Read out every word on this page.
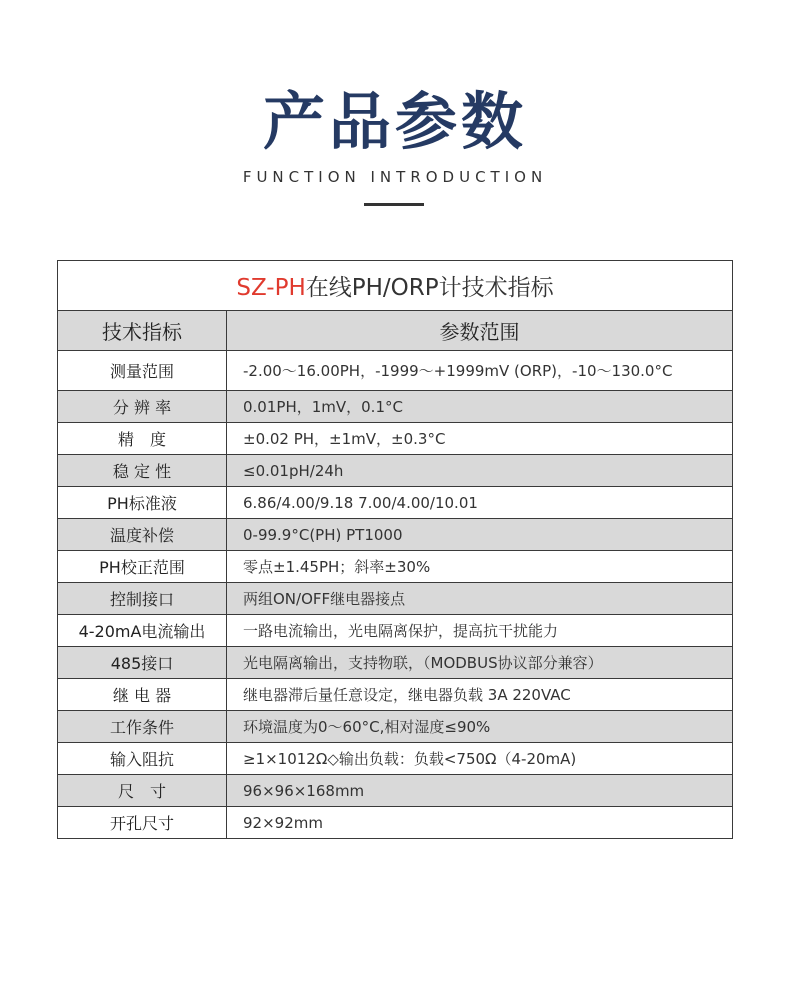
产品参数
FUNCTION INTRODUCTION
SZ-PH在线PH/ORP计技术指标	
技术指标	参数范围
测量范围	-2.00～16.00PH，-1999～+1999mV (ORP)，-10～130.0°C
分 辨 率	0.01PH，1mV，0.1°C
精　度	±0.02 PH，±1mV，±0.3°C
稳 定 性	≤0.01pH/24h
PH标准液	6.86/4.00/9.18 7.00/4.00/10.01
温度补偿	0-99.9°C(PH) PT1000
PH校正范围	零点±1.45PH；斜率±30%
控制接口	两组ON/OFF继电器接点
4-20mA电流输出	一路电流输出，光电隔离保护，提高抗干扰能力
485接口	光电隔离输出，支持物联，（MODBUS协议部分兼容）
继 电 器	继电器滞后量任意设定，继电器负载 3A 220VAC
工作条件	环境温度为0～60°C,相对湿度≤90%
输入阻抗	≥1×1012Ω◇输出负载：负载<750Ω（4-20mA)
尺　寸	96×96×168mm
开孔尺寸	92×92mm
